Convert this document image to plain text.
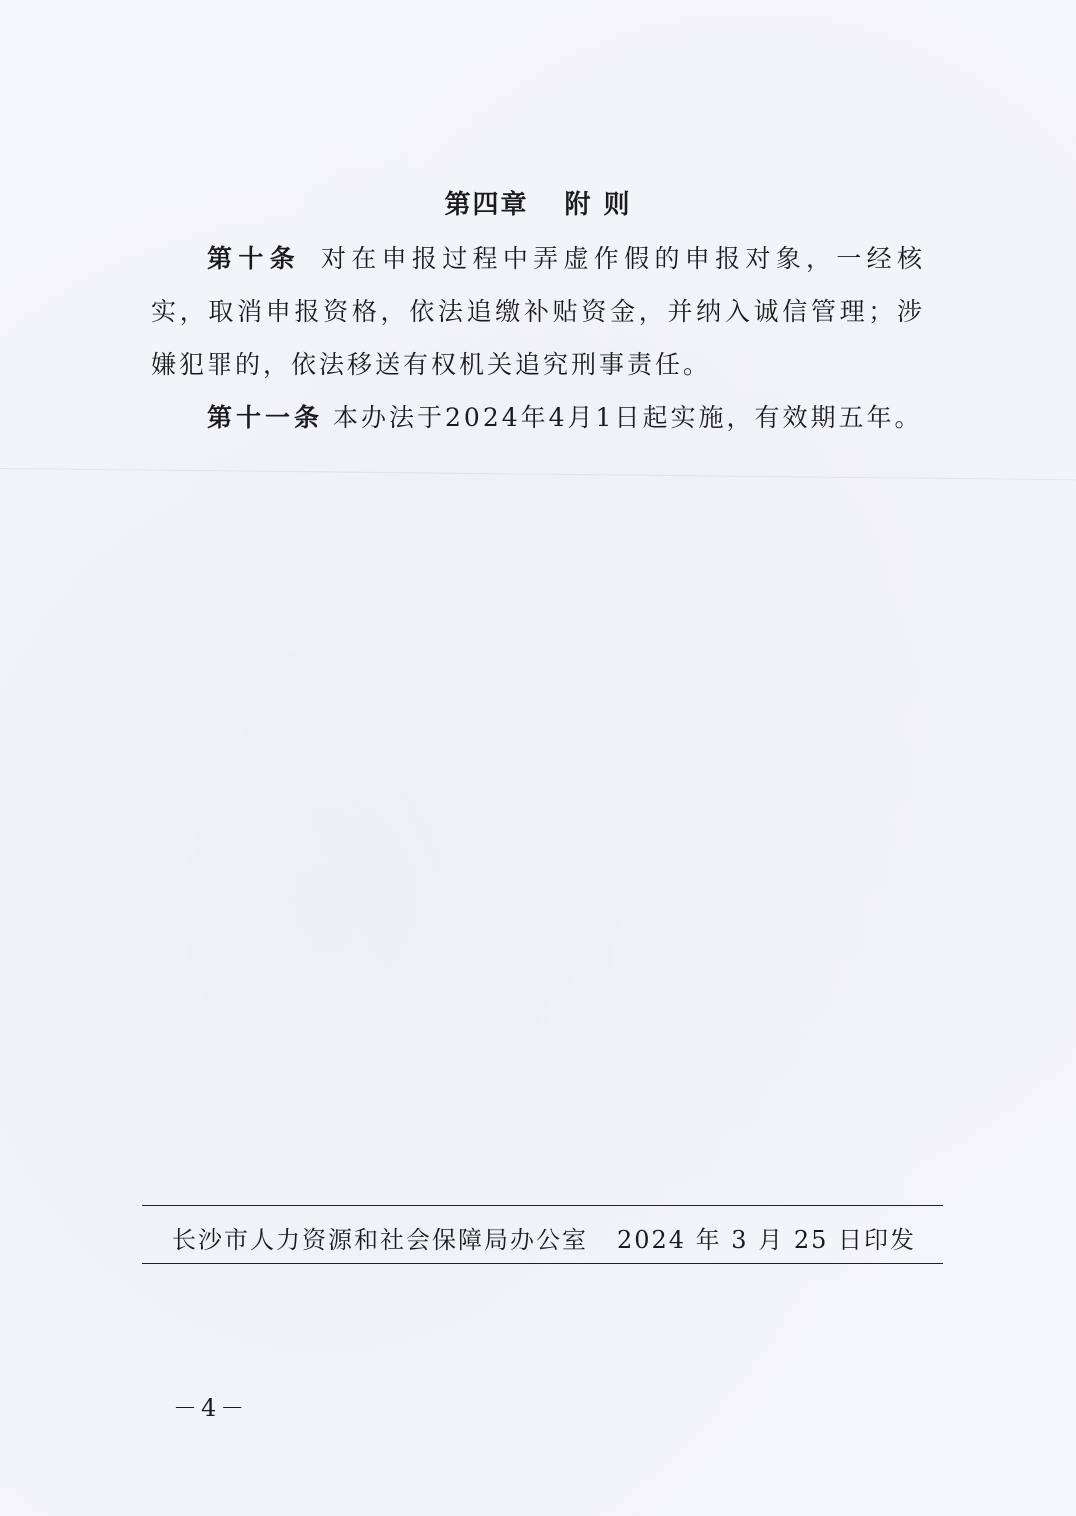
第四章 附 则

第十条 对在申报过程中弄虚作假的申报对象，一经核实，取消申报资格，依法追缴补贴资金，并纳入诚信管理；涉嫌犯罪的，依法移送有权机关追究刑事责任。

第十一条 本办法于2024年4月1日起实施，有效期五年。

长沙市人力资源和社会保障局办公室 2024 年 3 月 25 日印发
－4－
